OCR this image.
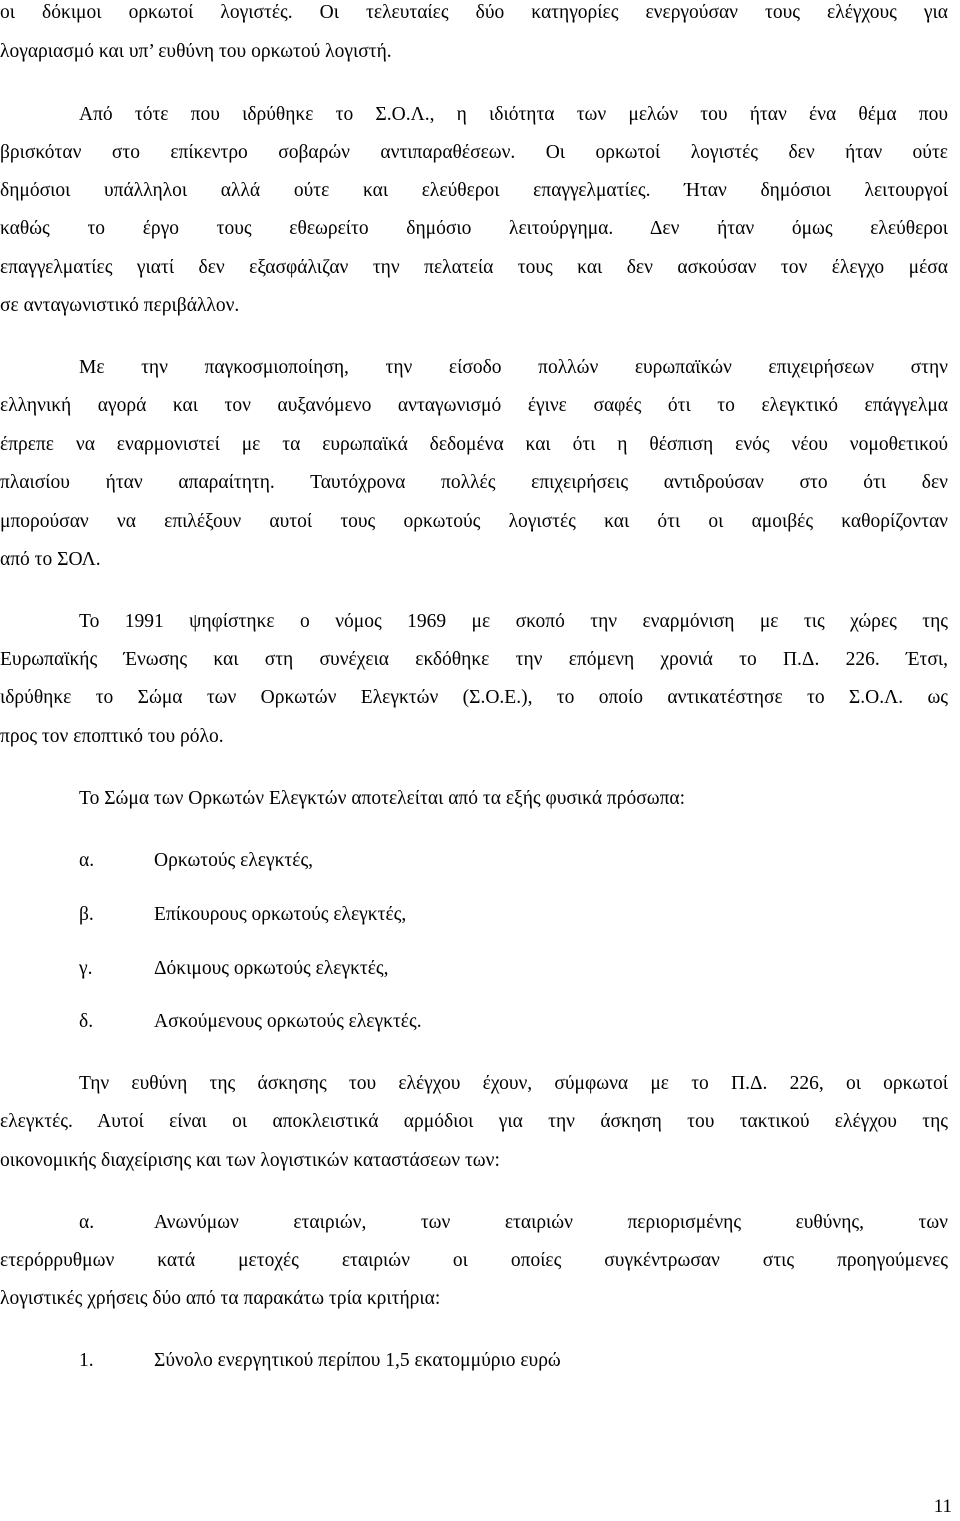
οι δόκιμοι ορκωτοί λογιστές. Οι τελευταίες δύο κατηγορίες ενεργούσαν τους ελέγχους για
λογαριασμό και υπ’ ευθύνη του ορκωτού λογιστή.
Από τότε που ιδρύθηκε το Σ.Ο.Λ., η ιδιότητα των μελών του ήταν ένα θέμα που
βρισκόταν στο επίκεντρο σοβαρών αντιπαραθέσεων. Οι ορκωτοί λογιστές δεν ήταν ούτε
δημόσιοι υπάλληλοι αλλά ούτε και ελεύθεροι επαγγελματίες. Ήταν δημόσιοι λειτουργοί
καθώς το έργο τους εθεωρείτο δημόσιο λειτούργημα. Δεν ήταν όμως ελεύθεροι
επαγγελματίες γιατί δεν εξασφάλιζαν την πελατεία τους και δεν ασκούσαν τον έλεγχο μέσα
σε ανταγωνιστικό περιβάλλον.
Με την παγκοσμιοποίηση, την είσοδο πολλών ευρωπαϊκών επιχειρήσεων στην
ελληνική αγορά και τον αυξανόμενο ανταγωνισμό έγινε σαφές ότι το ελεγκτικό επάγγελμα
έπρεπε να εναρμονιστεί με τα ευρωπαϊκά δεδομένα και ότι η θέσπιση ενός νέου νομοθετικού
πλαισίου ήταν απαραίτητη. Ταυτόχρονα πολλές επιχειρήσεις αντιδρούσαν στο ότι δεν
μπορούσαν να επιλέξουν αυτοί τους ορκωτούς λογιστές και ότι οι αμοιβές καθορίζονταν
από το ΣΟΛ.
Το 1991 ψηφίστηκε ο νόμος 1969 με σκοπό την εναρμόνιση με τις χώρες της
Ευρωπαϊκής Ένωσης και στη συνέχεια εκδόθηκε την επόμενη χρονιά το Π.Δ. 226. Έτσι,
ιδρύθηκε το Σώμα των Ορκωτών Ελεγκτών (Σ.Ο.Ε.), το οποίο αντικατέστησε το Σ.Ο.Λ. ως
προς τον εποπτικό του ρόλο.
Το Σώμα των Ορκωτών Ελεγκτών αποτελείται από τα εξής φυσικά πρόσωπα:
α.	Ορκωτούς ελεγκτές,
β.	Επίκουρους ορκωτούς ελεγκτές,
γ.	Δόκιμους ορκωτούς ελεγκτές,
δ.	Ασκούμενους ορκωτούς ελεγκτές.
Την ευθύνη της άσκησης του ελέγχου έχουν, σύμφωνα με το Π.Δ. 226, οι ορκωτοί
ελεγκτές. Αυτοί είναι οι αποκλειστικά αρμόδιοι για την άσκηση του τακτικού ελέγχου της
οικονομικής διαχείρισης και των λογιστικών καταστάσεων των:
α.	Ανωνύμων εταιριών, των εταιριών περιορισμένης ευθύνης, των
ετερόρρυθμων κατά μετοχές εταιριών οι οποίες συγκέντρωσαν στις προηγούμενες
λογιστικές χρήσεις δύο από τα παρακάτω τρία κριτήρια:
1.	Σύνολο ενεργητικού περίπου 1,5 εκατομμύριο ευρώ
11
